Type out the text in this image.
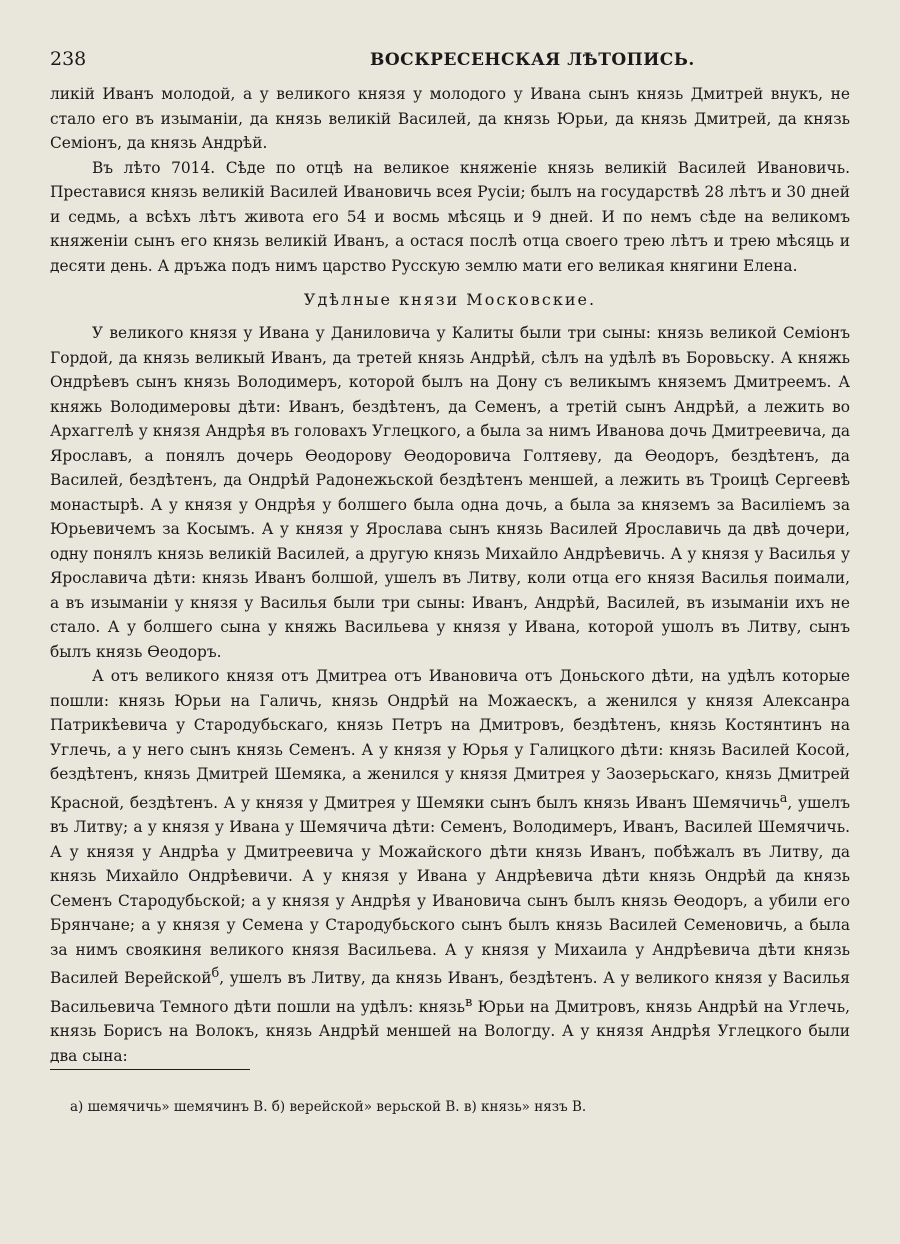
238	ВОСКРЕСЕНСКАЯ ЛѢТОПИСЬ.

ликiй Иванъ молодой, а у великого князя у молодого у Ивана сынъ князь Дмитрей внукъ, не стало его въ изыманiи, да князь великiй Василей, да князь Юрьи, да князь Дмитрей, да князь Семiонъ, да князь Андрѣй.

Въ лѣто 7014. Сѣде по отцѣ на великое княженiе князь великiй Василей Ивановичь. Преставися князь великiй Василей Ивановичь всея Русiи; былъ на государствѣ 28 лѣтъ и 30 дней и седмь, а всѣхъ лѣтъ живота его 54 и восмь мѣсяць и 9 дней. И по немъ сѣде на великомъ княженiи сынъ его князь великiй Иванъ, а остася послѣ отца своего трею лѣтъ и трею мѣсяць и десяти день. А дръжа подъ нимъ царство Русскую землю мати его великая княгини Елена.

Удѣлные князи Московские.

У великого князя у Ивана у Даниловича у Калиты были три сыны: князь великой Семiонъ Гордой, да князь великый Иванъ, да третей князь Андрѣй, сѣлъ на удѣлѣ въ Боровьску. А княжь Ондрѣевъ сынъ князь Володимеръ, которой былъ на Дону съ великымъ княземъ Дмитреемъ. А княжь Володимеровы дѣти: Иванъ, бездѣтенъ, да Семенъ, а третiй сынъ Андрѣй, а лежить во Архаггелѣ у князя Андрѣя въ головахъ Углецкого, а была за нимъ Иванова дочь Дмитреевича, да Ярославъ, а понялъ дочерь Ѳеодорову Ѳеодоровича Голтяеву, да Ѳеодоръ, бездѣтенъ, да Василей, бездѣтенъ, да Ондрѣй Радонежьской бездѣтенъ меншей, а лежить въ Троицѣ Сергеевѣ монастырѣ. А у князя у Ондрѣя у болшего была одна дочь, а была за княземъ за Василiемъ за Юрьевичемъ за Косымъ. А у князя у Ярослава сынъ князь Василей Ярославичь да двѣ дочери, одну понялъ князь великiй Василей, а другую князь Михайло Андрѣевичь. А у князя у Василья у Ярославича дѣти: князь Иванъ болшой, ушелъ въ Литву, коли отца его князя Василья поимали, а въ изыманiи у князя у Василья были три сыны: Иванъ, Андрѣй, Василей, въ изыманiи ихъ не стало. А у болшего сына у княжь Васильева у князя у Ивана, которой ушолъ въ Литву, сынъ былъ князь Ѳеодоръ.

А отъ великого князя отъ Дмитреа отъ Ивановича отъ Доньского дѣти, на удѣлъ которые пошли: князь Юрьи на Галичь, князь Ондрѣй на Можаескъ, а женился у князя Алексанра Патрикѣевича у Стародубьскаго, князь Петръ на Дмитровъ, бездѣтенъ, князь Костянтинъ на Углечь, а у него сынъ князь Семенъ. А у князя у Юрья у Галицкого дѣти: князь Василей Косой, бездѣтенъ, князь Дмитрей Шемяка, а женился у князя Дмитрея у Заозерьскаго, князь Дмитрей Красной, бездѣтенъ. А у князя у Дмитрея у Шемяки сынъ былъ князь Иванъ Шемячичь$^а$, ушелъ въ Литву; а у князя у Ивана у Шемячича дѣти: Семенъ, Володимеръ, Иванъ, Василей Шемячичь. А у князя у Андрѣа у Дмитреевича у Можайского дѣти князь Иванъ, побѣжалъ въ Литву, да князь Михайло Ондрѣевичи. А у князя у Ивана у Андрѣевича дѣти князь Ондрѣй да князь Семенъ Стародубьской; а у князя у Андрѣя у Ивановича сынъ былъ князь Ѳеодоръ, а убили его Брянчане; а у князя у Семена у Стародубьского сынъ былъ князь Василей Семеновичь, а была за нимъ своякиня великого князя Васильева. А у князя у Михаила у Андрѣевича дѣти князь Василей Верейской$^б$, ушелъ въ Литву, да князь Иванъ, бездѣтенъ. А у великого князя у Василья Васильевича Темного дѣти пошли на удѣлъ: князь$^в$ Юрьи на Дмитровъ, князь Андрѣй на Углечь, князь Борисъ на Волокъ, князь Андрѣй меншей на Вологду. А у князя Андрѣя Углецкого были два сына:

а) шемячичь» шемячинъ В. б) верейской» верьской В. в) князь» нязъ В.
